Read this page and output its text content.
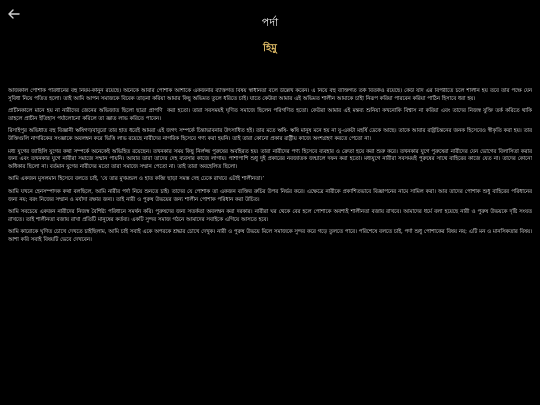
পর্দা
হিমু

আজকাল পোশাক পরিধানের বহু নিয়ম-কানুন রয়েছে। অনেকে আবার পোশাক আশাকে একজনার ব্যক্তিগত বিষয় স্বাধীনতা বলে উল্লেখ করেন। এ নিয়ে বহু ব্যক্তিগত তর্ক বিতর্কও রয়েছে। কেউ যদি এর বিপরীতে চলে শালীন হয় তবে তার পক্ষে যেন সুবিধা নিয়ে পতিত হলো। তাই আমি আপন সমাজকে বিবেক তাড়না করিয়া আমার কিছু অভিমত তুলে ধরিতে চাই। যাতে কেউরা আমার এই অভিমত শালীন আমাকে চাইা নিরূপ করিয়া পারবেন করিয়া পাঠিন হিসাবে ধরা হয়।

প্রাচীনকালে মানে হয় না নারীদের জেনের অভিজাত ছিলো ছাত্রা প্রাপণি ‌ করা হতো। তারা সবসময়ই ঘৃণিত সমাজে ছিলেন পরিগণিত হতো। কেউরা আমার এই মন্তব্য শুনিয়া কখনোকি বিশ্বাস না করিয়া এবং তাদের নিজস্ব যুক্তি তর্ক করিতে থাকি তাহলে প্রাচীন ইতিহাস পর্যালোচনা করিলে তা জ্ঞাত লাভ করিতে পাবেন।

রিসাইপুর অভিধাত বহু বিজ্ঞানী ঋষিগণ/বাবুরো তার হাত ধরেই আমরা এই জগৎ সম্পর্কে চিন্তাভাবনার উৎসাধিত হই। তার মতে ঋষি- ঋষি মানুষ মনে হয় না যু-একটা মহর্ষি ডেকে আছে। তাকে আবার রাষ্ট্রচিন্তনের জনক হিসেবেও স্বীকৃতি করা হয়। তার উক্তিগুলি নাগরিকের সংজ্ঞাকে অবলম্বন করে ভিত্তি লাভ রয়েছে নারীদের নাগরিক হিসেবে গণ্য করা হয়নি। তাই তারা কোনো প্রকার রাষ্ট্রীয় কাজে অংশগ্রহণ করতে পেতো না।

মধ্য যুগের জাহিলি যুগের কথা সম্পর্কে অনেকেই অভিহিত রয়েছেন। তখনকার সময় কিছু নির্লজ্জ পুরুষের অবহিরত হয়। তারা নারীদের পণ্য হিসেবে ব্যবহার ও ক্রেতা হয়ে করা শুরু করে। তখনকার যুগে পুরুষেরা নারীদের যেন ভোগের বিলাসিতা করার জন্য এবং তখনকার যুগে নারীরা সমাজে সম্মান পায়নি। আবার তারা তাদের দেহ ব্যবসার কাজে লাগায়। পাশাপাশি শুধু দুই প্রকারের নবজাতক জন্মালে দফন করা হতো। মধ্যযুগে নারীরা সবসময়ই পুরুষের সাথে বাহিরের কাজে যেত না। তাদের কোনো অধিকার ছিলো না। বর্তমান যুগের নারীদের মতো তারা সমাজে সম্মান পেতো না। তাই তারা অবহেলিত ছিলো।

আমি একজন মুসলমান হিসেবে বলতে চাই, ‘যে তার মুখমন্ডল ও হাত কব্জি ছাড়া সমস্ত দেহ ঢেকে রাখবে এটাই শালীনতা।’

আমি যখনে হেনসম্পাদক কথা বলছিলে, আমি নারীর পর্দা নিয়ে শুনতে চাই। তাদের যে পোশাক তা একজন ব্যক্তির রুচির উপর নির্ভর করে। এক্ষেত্রে নারীকে প্রকাশিতভাবে বিজ্ঞাপনের নামে সামিল করা। আর তাদের পোশাক শুধু বাহিরের পরিধানের জন্য নয়; বরং নিজের সম্মান ও মর্যাদা রক্ষার জন্য। তাই নারী ও পুরুষ উভয়ের জন্য শালীন পোশাক পরিধান করা উচিত।

আমি সবচেয়ে একজন নারীদের নিজস্ব বৈশিষ্ট্য পরিধানে সমর্থন করি। পুরুষদের জন্য সতর্কতা অবলম্বন করা দরকার। নারীরা ঘর থেকে বের হলে পোশাকে অবশ্যই শালীনতা বজায় রাখবে। আমাদের ধর্মে বলা হয়েছে নারী ও পুরুষ উভয়কে দৃষ্টি সংযত রাখতে। তাই শালীনতা বজায় রাখা প্রতিটি মানুষের কর্তব্য। একটি সুন্দর সমাজ গঠনে আমাদের সবাইকে এগিয়ে আসতে হবে।

আমি কারোকে ঘৃণিত চোখে দেখতে চাইছিলাম, আমি চাই সবাই একে অপরকে শ্রদ্ধার চোখে দেখুক। নারী ও পুরুষ উভয়ে মিলে সমাজকে সুন্দর করে গড়ে তুলতে পারে। পরিশেষে বলতে চাই, পর্দা শুধু পোশাকের বিষয় নয়; এটি মন ও মানসিকতার বিষয়। আশা করি সবাই বিষয়টি ভেবে দেখবেন।
